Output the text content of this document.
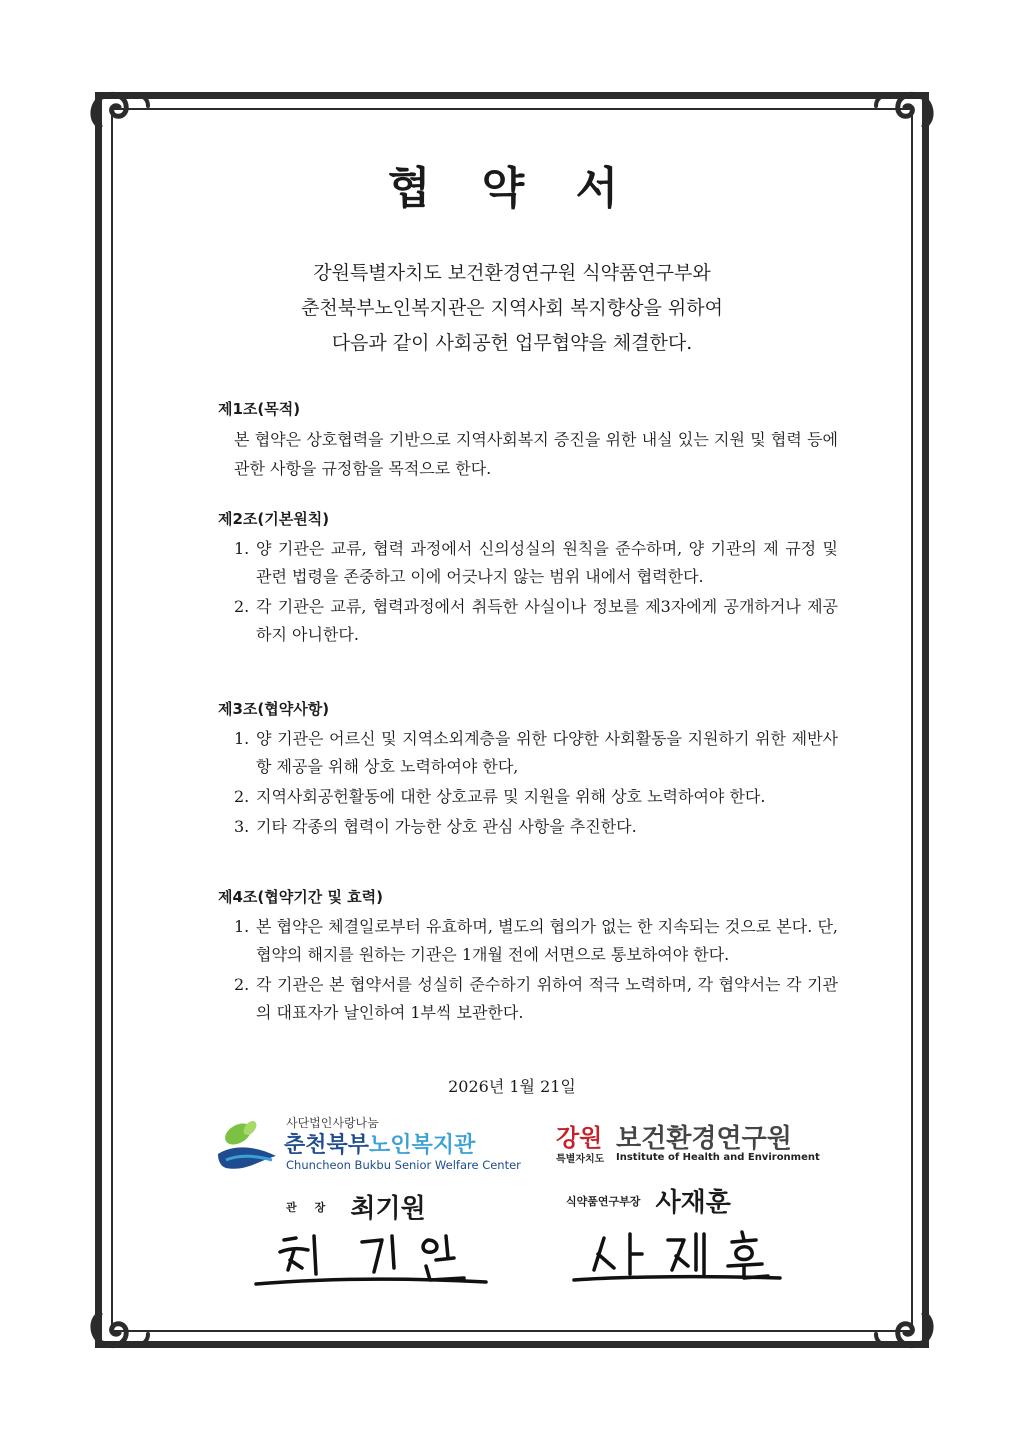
협 약 서
강원특별자치도 보건환경연구원 식약품연구부와
춘천북부노인복지관은 지역사회 복지향상을 위하여
다음과 같이 사회공헌 업무협약을 체결한다.
제1조(목적)
본 협약은 상호협력을 기반으로 지역사회복지 증진을 위한 내실 있는 지원 및 협력 등에 관한 사항을 규정함을 목적으로 한다.
제2조(기본원칙)
1. 양 기관은 교류, 협력 과정에서 신의성실의 원칙을 준수하며, 양 기관의 제 규정 및 관련 법령을 존중하고 이에 어긋나지 않는 범위 내에서 협력한다.
2. 각 기관은 교류, 협력과정에서 취득한 사실이나 정보를 제3자에게 공개하거나 제공하지 아니한다.
제3조(협약사항)
1. 양 기관은 어르신 및 지역소외계층을 위한 다양한 사회활동을 지원하기 위한 제반사항 제공을 위해 상호 노력하여야 한다,
2. 지역사회공헌활동에 대한 상호교류 및 지원을 위해 상호 노력하여야 한다.
3. 기타 각종의 협력이 가능한 상호 관심 사항을 추진한다.
제4조(협약기간 및 효력)
1. 본 협약은 체결일로부터 유효하며, 별도의 협의가 없는 한 지속되는 것으로 본다. 단, 협약의 해지를 원하는 기관은 1개월 전에 서면으로 통보하여야 한다.
2. 각 기관은 본 협약서를 성실히 준수하기 위하여 적극 노력하며, 각 협약서는 각 기관의 대표자가 날인하여 1부씩 보관한다.
2026년 1월 21일
사단법인사랑나눔
춘천북부노인복지관
Chuncheon Bukbu Senior Welfare Center
강원
특별자치도
보건환경연구원
Institute of Health and Environment
관장 최기원	식약품연구부장 사재훈
